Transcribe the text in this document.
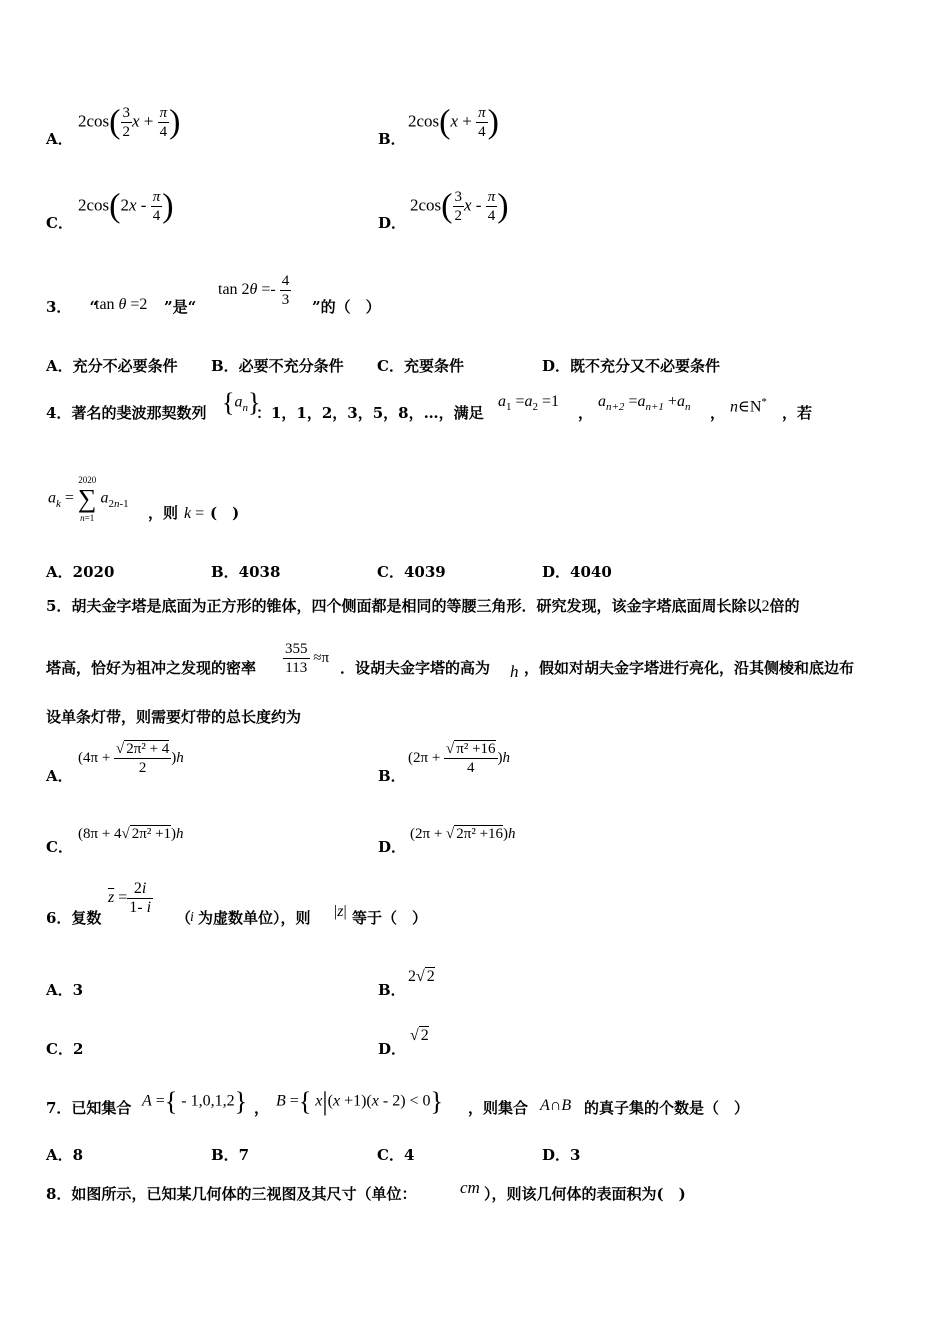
A．
$2\cos( \frac{3}{2}$ $x + \frac{\pi}{4}$ )	B．
$2\cos(x + \frac{\pi}{4}$ )
C．
$2\cos(2x - \frac{\pi}{4}$ )	D．
$2\cos( \frac{3}{2}$ x - $\frac{\pi}{4}$ )
3． “
tan θ =2 ”是“
$\tan 2\theta =- \frac{4}{3}$ ”的（　）
A．充分不必要条件 B．必要不充分条件 C．充要条件	D．既不充分又不必要条件
4．著名的斐波那契数列 $\{a_n\}$
：1，1，2，3，5，8，…，满足
$a_1 =a_2 =1$
，
$a_{n+2} =a_{n+1} +a_n$ ， n∈N*
，若
$a_k$ =
2020
∑
n=1
$a_{2n-1}$
，则 k = (　)
A．2020	B．4038	C．4039	D．4040
5．胡夫金字塔是底面为正方形的锥体，四个侧面都是相同的等腰三角形．研究发现，该金字塔底面周长除以2倍的
塔高，恰好为祖冲之发现的密率 $\frac{355}{113} \approx\pi$
．设胡夫金字塔的高为 h ，假如对胡夫金字塔进行亮化，沿其侧棱和底边布
设单条灯带，则需要灯带的总长度约为
A．
$(4\pi + \frac{\text{√ 2π² + 4}}{2} )h$
B．
$(2\pi + \frac{\text{√ π² +16}}{4} )h$
C．
(8π + 4√ 2π² +1)h
D．
(2π + √ 2π² +16)h
6．复数
$\overline{z} = \frac{2i}{1- i}$
（
i 为虚数单位），则 |z| 等于（　）
A．3	B．
2√ 2
C．2	D．
√ 2
7．已知集合 A ={ - 1,0,1,2} ， B ={ x|(x +1)(x - 2) < 0} ，则集合 A∩B 的真子集的个数是（　）
A．8	B．7	C．4	D．3
8．如图所示，已知某几何体的三视图及其尺寸（单位：	cm ），则该几何体的表面积为(　)
